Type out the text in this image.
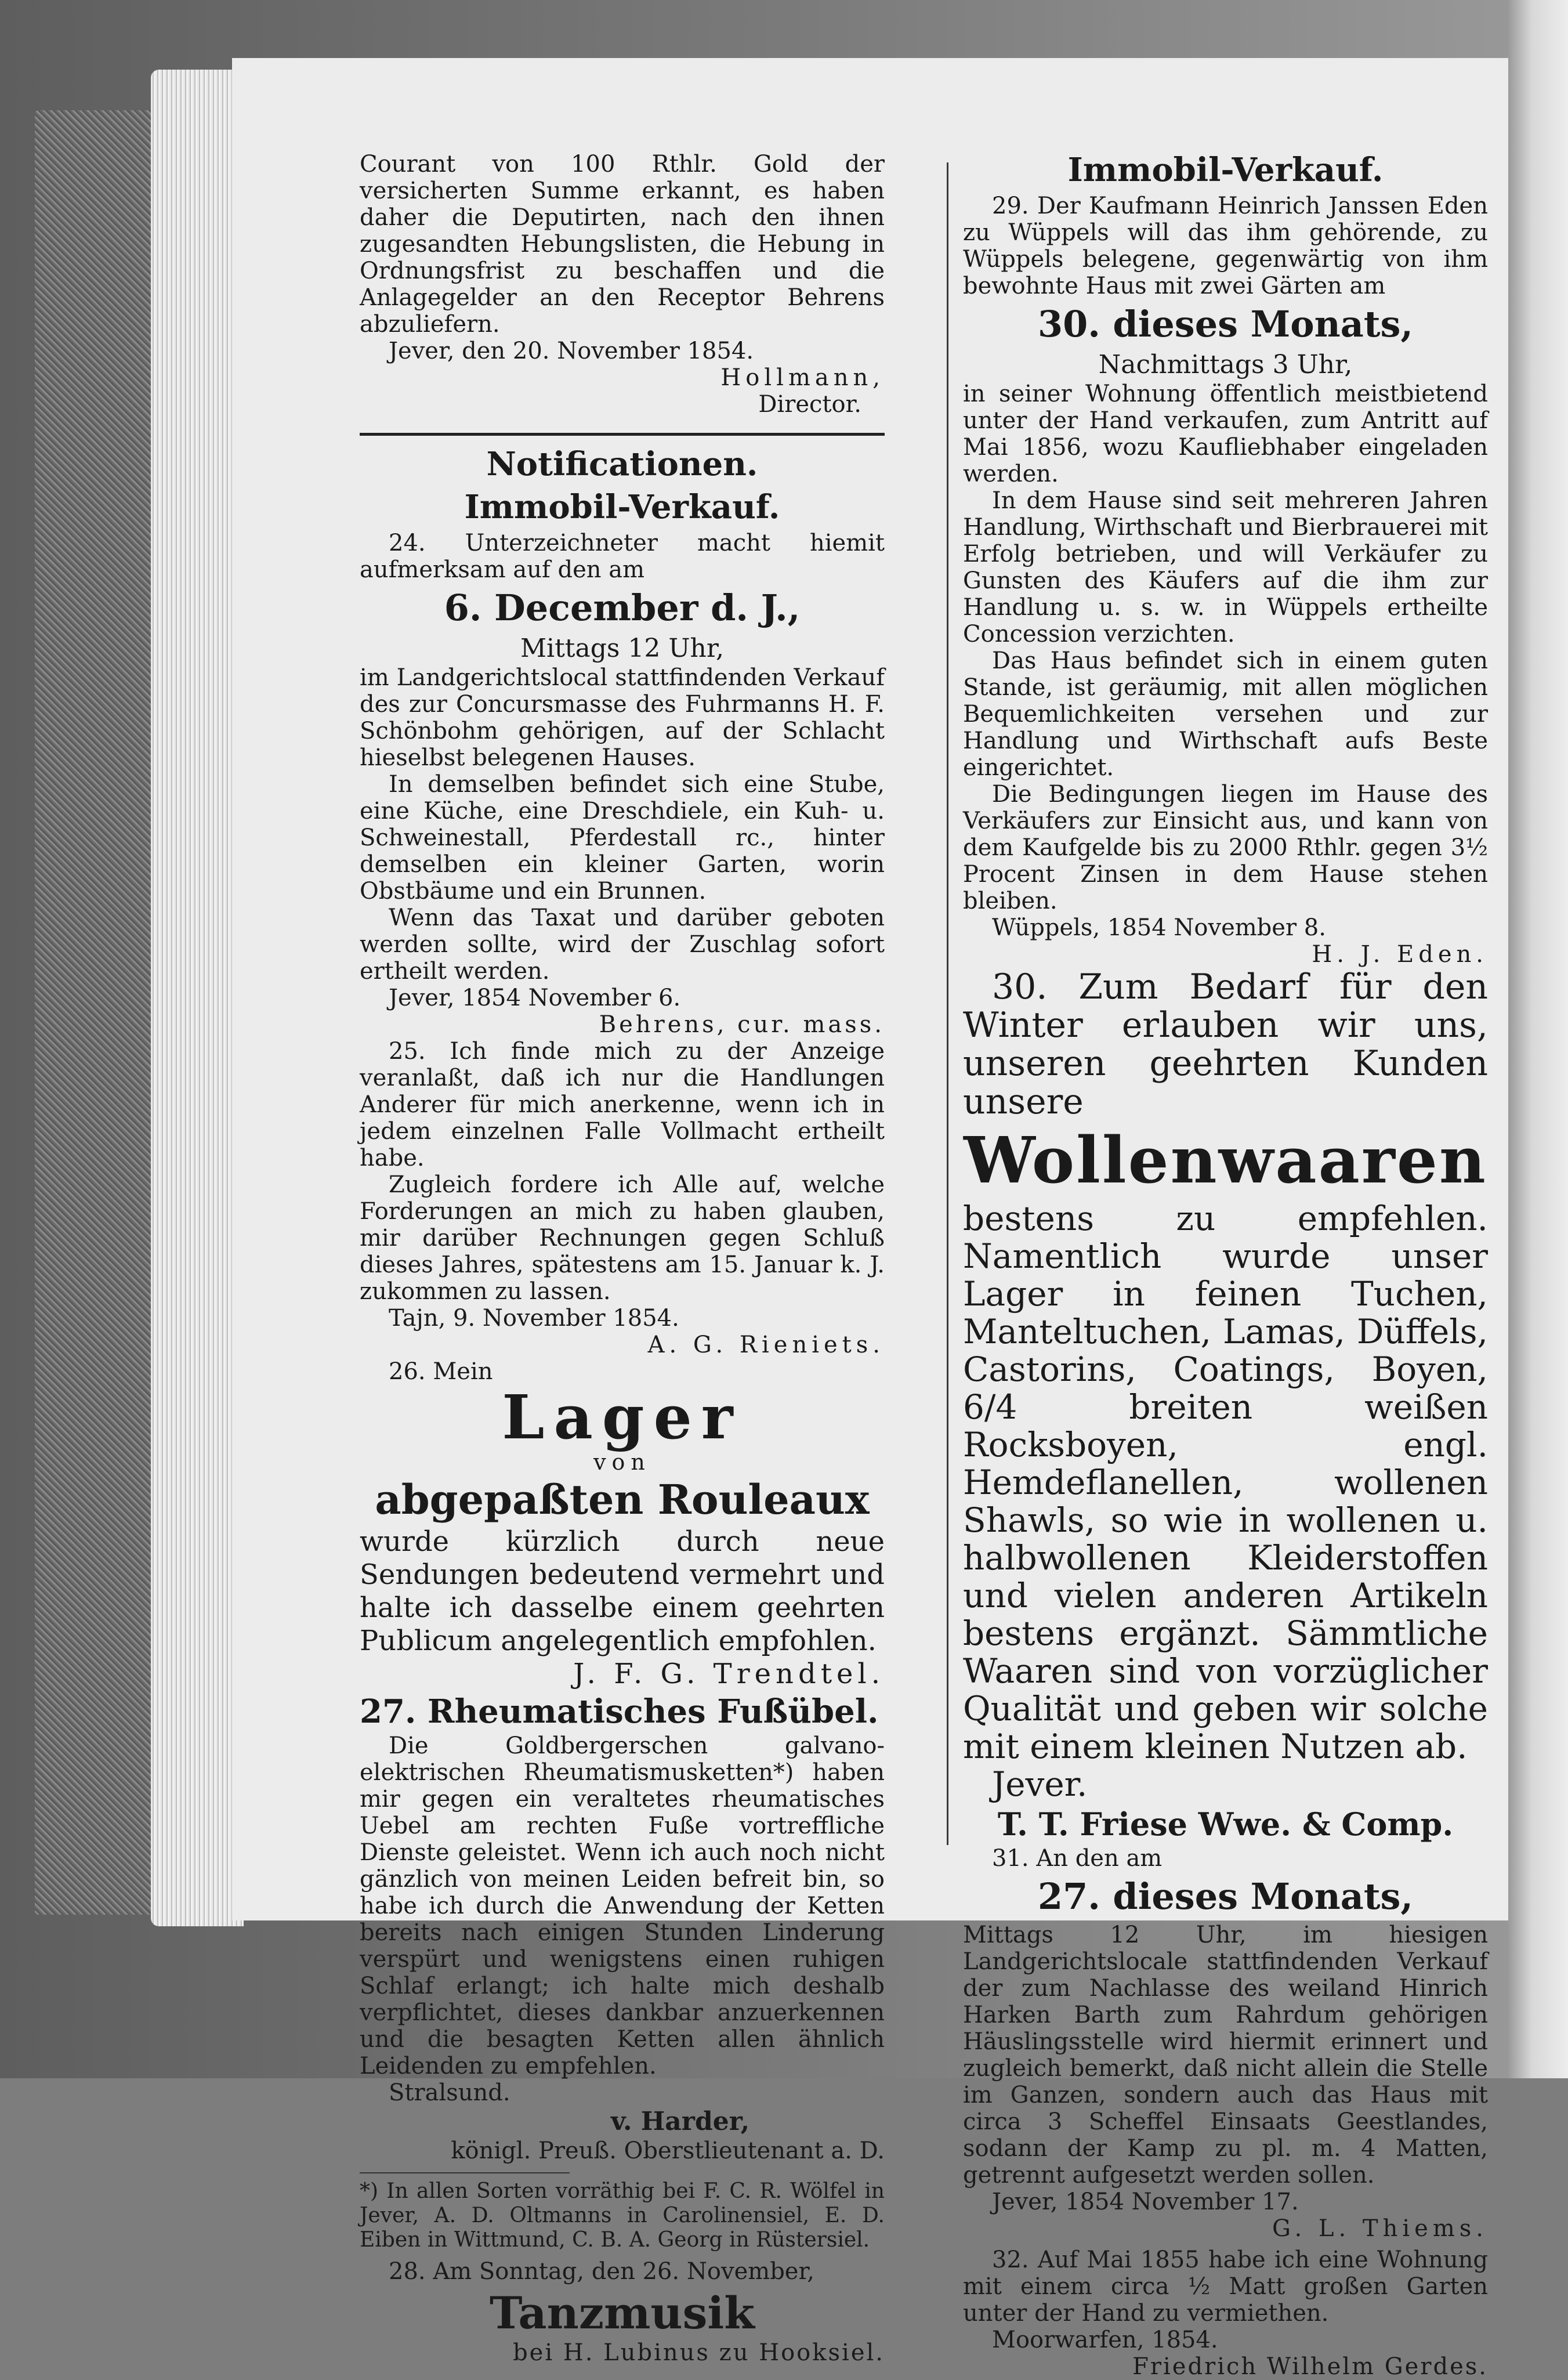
Courant von 100 Rthlr. Gold der versicherten Summe erkannt, es haben daher die Deputirten, nach den ihnen zugesandten Hebungslisten, die Hebung in Ordnungsfrist zu beschaffen und die Anlagegelder an den Receptor Behrens abzuliefern.

Jever, den 20. November 1854.

Hollmann,

Director.

Notificationen.
Immobil-Verkauf.

24. Unterzeichneter macht hiemit aufmerksam auf den am

6. December d. J.,
Mittags 12 Uhr,

im Landgerichtslocal stattfindenden Verkauf des zur Concursmasse des Fuhrmanns H. F. Schönbohm gehörigen, auf der Schlacht hieselbst belegenen Hauses.

In demselben befindet sich eine Stube, eine Küche, eine Dreschdiele, ein Kuh- u. Schweinestall, Pferdestall rc., hinter demselben ein kleiner Garten, worin Obstbäume und ein Brunnen.

Wenn das Taxat und darüber geboten werden sollte, wird der Zuschlag sofort ertheilt werden.

Jever, 1854 November 6.

Behrens, cur. mass.

25. Ich finde mich zu der Anzeige veranlaßt, daß ich nur die Handlungen Anderer für mich anerkenne, wenn ich in jedem einzelnen Falle Vollmacht ertheilt habe.

Zugleich fordere ich Alle auf, welche Forderungen an mich zu haben glauben, mir darüber Rechnungen gegen Schluß dieses Jahres, spätestens am 15. Januar k. J. zukommen zu lassen.

Tajn, 9. November 1854.

A. G. Rieniets.

26. Mein

Lager
von
abgepaßten Rouleaux

wurde kürzlich durch neue Sendungen bedeutend vermehrt und halte ich dasselbe einem geehrten Publicum angelegentlich empfohlen.

J. F. G. Trendtel.

27. Rheumatisches Fußübel.

Die Goldbergerschen galvano-elektrischen Rheumatismusketten*) haben mir gegen ein veraltetes rheumatisches Uebel am rechten Fuße vortreffliche Dienste geleistet. Wenn ich auch noch nicht gänzlich von meinen Leiden befreit bin, so habe ich durch die Anwendung der Ketten bereits nach einigen Stunden Linderung verspürt und wenigstens einen ruhigen Schlaf erlangt; ich halte mich deshalb verpflichtet, dieses dankbar anzuerkennen und die besagten Ketten allen ähnlich Leidenden zu empfehlen.

Stralsund.

v. Harder,

königl. Preuß. Oberstlieutenant a. D.

*) In allen Sorten vorräthig bei F. C. R. Wölfel in Jever, A. D. Oltmanns in Carolinensiel, E. D. Eiben in Wittmund, C. B. A. Georg in Rüstersiel.

28. Am Sonntag, den 26. November,

Tanzmusik

bei H. Lubinus zu Hooksiel.

Immobil-Verkauf.

29. Der Kaufmann Heinrich Janssen Eden zu Wüppels will das ihm gehörende, zu Wüppels belegene, gegenwärtig von ihm bewohnte Haus mit zwei Gärten am

30. dieses Monats,
Nachmittags 3 Uhr,

in seiner Wohnung öffentlich meistbietend unter der Hand verkaufen, zum Antritt auf Mai 1856, wozu Kaufliebhaber eingeladen werden.

In dem Hause sind seit mehreren Jahren Handlung, Wirthschaft und Bierbrauerei mit Erfolg betrieben, und will Verkäufer zu Gunsten des Käufers auf die ihm zur Handlung u. s. w. in Wüppels ertheilte Concession verzichten.

Das Haus befindet sich in einem guten Stande, ist geräumig, mit allen möglichen Bequemlichkeiten versehen und zur Handlung und Wirthschaft aufs Beste eingerichtet.

Die Bedingungen liegen im Hause des Verkäufers zur Einsicht aus, und kann von dem Kaufgelde bis zu 2000 Rthlr. gegen 3½ Procent Zinsen in dem Hause stehen bleiben.

Wüppels, 1854 November 8.

H. J. Eden.

30. Zum Bedarf für den Winter erlauben wir uns, unseren geehrten Kunden unsere

Wollenwaaren

bestens zu empfehlen. Namentlich wurde unser Lager in feinen Tuchen, Manteltuchen, Lamas, Düffels, Castorins, Coatings, Boyen, 6/4 breiten weißen Rocksboyen, engl. Hemdeflanellen, wollenen Shawls, so wie in wollenen u. halbwollenen Kleiderstoffen und vielen anderen Artikeln bestens ergänzt. Sämmtliche Waaren sind von vorzüglicher Qualität und geben wir solche mit einem kleinen Nutzen ab.

Jever.

T. T. Friese Wwe. & Comp.

31. An den am

27. dieses Monats,

Mittags 12 Uhr, im hiesigen Landgerichtslocale stattfindenden Verkauf der zum Nachlasse des weiland Hinrich Harken Barth zum Rahrdum gehörigen Häuslingsstelle wird hiermit erinnert und zugleich bemerkt, daß nicht allein die Stelle im Ganzen, sondern auch das Haus mit circa 3 Scheffel Einsaats Geestlandes, sodann der Kamp zu pl. m. 4 Matten, getrennt aufgesetzt werden sollen.

Jever, 1854 November 17.

G. L. Thiems.

32. Auf Mai 1855 habe ich eine Wohnung mit einem circa ½ Matt großen Garten unter der Hand zu vermiethen.

Moorwarfen, 1854.

Friedrich Wilhelm Gerdes.
